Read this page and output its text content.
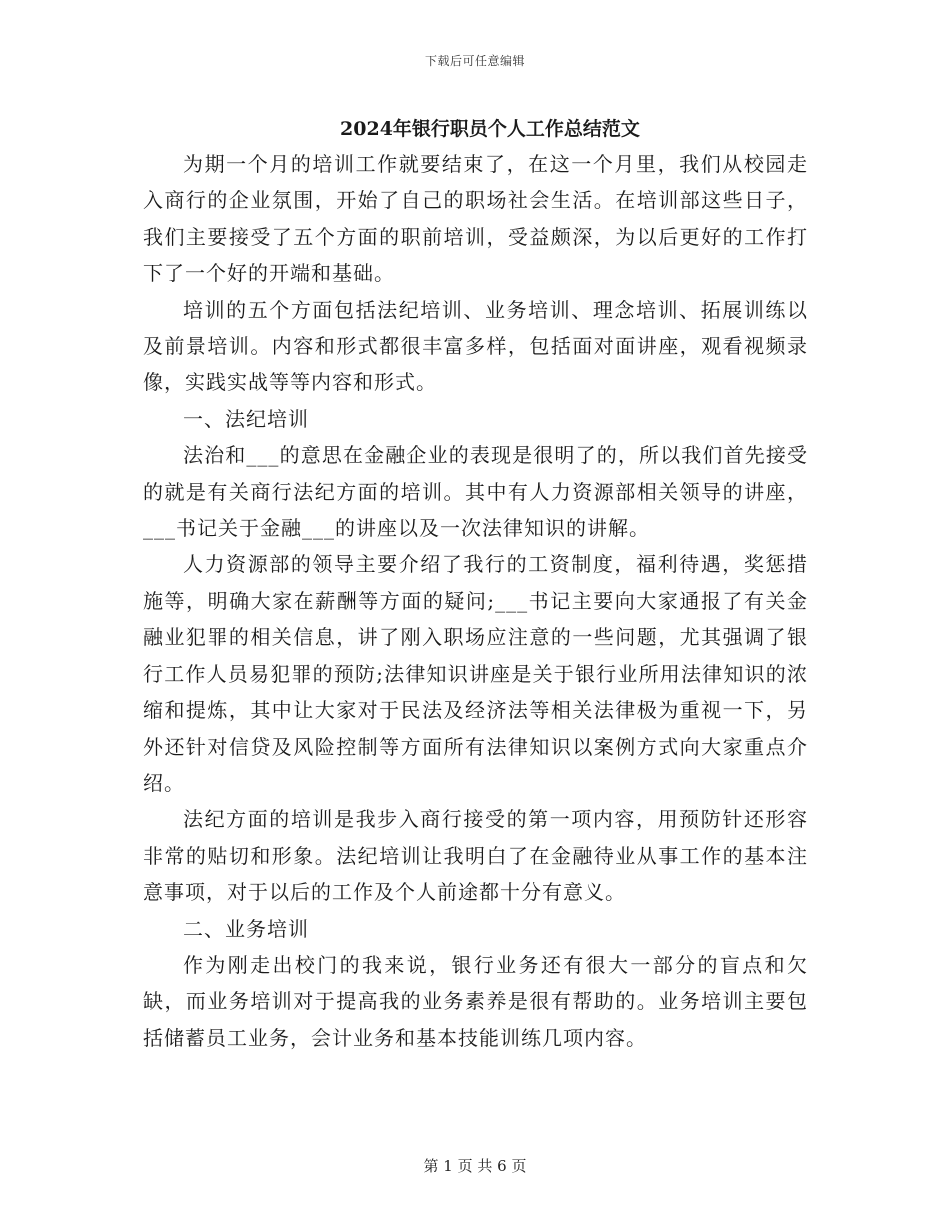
下载后可任意编辑
2024年银行职员个人工作总结范文

为期一个月的培训工作就要结束了，在这一个月里，我们从校园走入商行的企业氛围，开始了自己的职场社会生活。在培训部这些日子，我们主要接受了五个方面的职前培训，受益颇深，为以后更好的工作打下了一个好的开端和基础。

培训的五个方面包括法纪培训、业务培训、理念培训、拓展训练以及前景培训。内容和形式都很丰富多样，包括面对面讲座，观看视频录像，实践实战等等内容和形式。

一、法纪培训

法治和___的意思在金融企业的表现是很明了的，所以我们首先接受的就是有关商行法纪方面的培训。其中有人力资源部相关领导的讲座，___书记关于金融___的讲座以及一次法律知识的讲解。

人力资源部的领导主要介绍了我行的工资制度，福利待遇，奖惩措施等，明确大家在薪酬等方面的疑问;___书记主要向大家通报了有关金融业犯罪的相关信息，讲了刚入职场应注意的一些问题，尤其强调了银行工作人员易犯罪的预防;法律知识讲座是关于银行业所用法律知识的浓缩和提炼，其中让大家对于民法及经济法等相关法律极为重视一下，另外还针对信贷及风险控制等方面所有法律知识以案例方式向大家重点介绍。

法纪方面的培训是我步入商行接受的第一项内容，用预防针还形容非常的贴切和形象。法纪培训让我明白了在金融待业从事工作的基本注意事项，对于以后的工作及个人前途都十分有意义。

二、业务培训

作为刚走出校门的我来说，银行业务还有很大一部分的盲点和欠缺，而业务培训对于提高我的业务素养是很有帮助的。业务培训主要包括储蓄员工业务，会计业务和基本技能训练几项内容。

第 1 页 共 6 页
